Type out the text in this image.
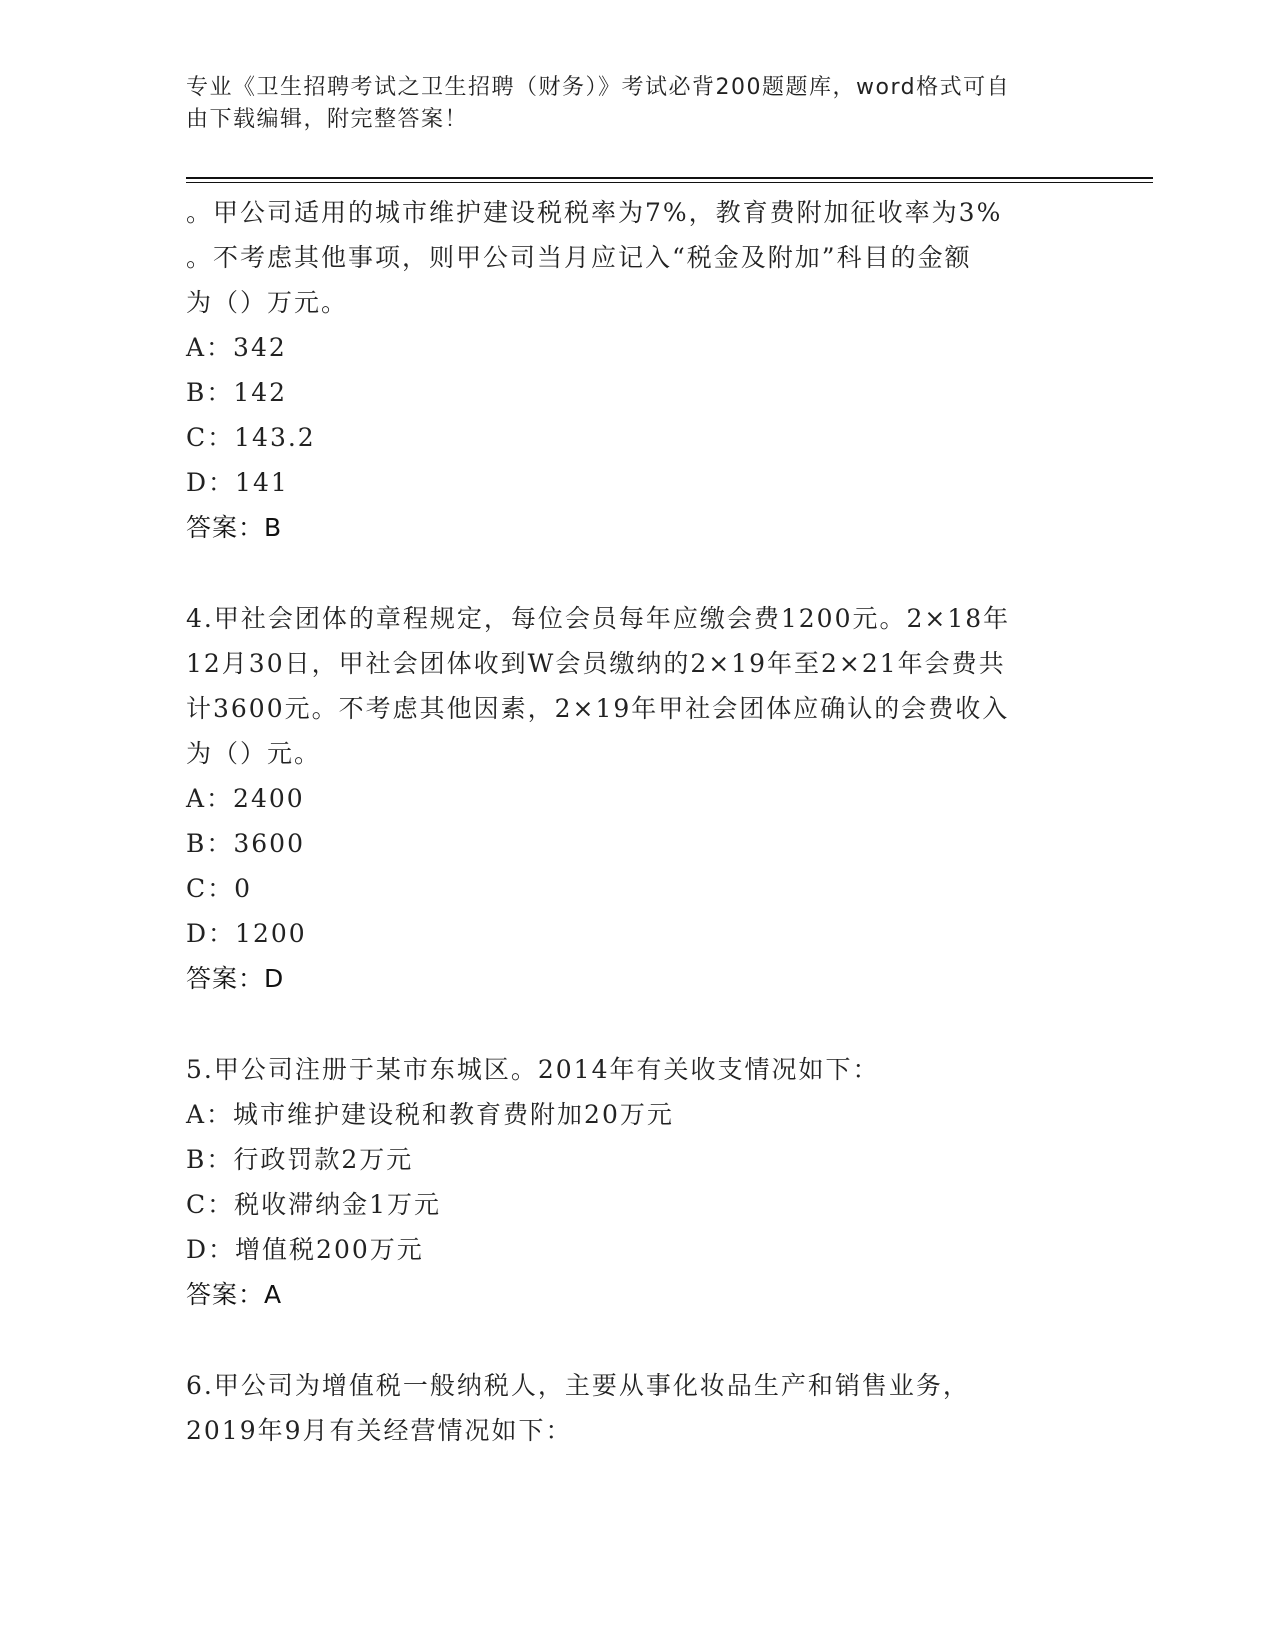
专业《卫生招聘考试之卫生招聘（财务）》考试必背200题题库，word格式可自
由下载编辑，附完整答案！
。甲公司适用的城市维护建设税税率为7%，教育费附加征收率为3%
。不考虑其他事项，则甲公司当月应记入“税金及附加”科目的金额
为（）万元。
A：342
B：142
C：143.2
D：141
答案：B
4.甲社会团体的章程规定，每位会员每年应缴会费1200元。2×18年
12月30日，甲社会团体收到W会员缴纳的2×19年至2×21年会费共
计3600元。不考虑其他因素，2×19年甲社会团体应确认的会费收入
为（）元。
A：2400
B：3600
C：0
D：1200
答案：D
5.甲公司注册于某市东城区。2014年有关收支情况如下：
A：城市维护建设税和教育费附加20万元
B：行政罚款2万元
C：税收滞纳金1万元
D：增值税200万元
答案：A
6.甲公司为增值税一般纳税人，主要从事化妆品生产和销售业务，
2019年9月有关经营情况如下：
